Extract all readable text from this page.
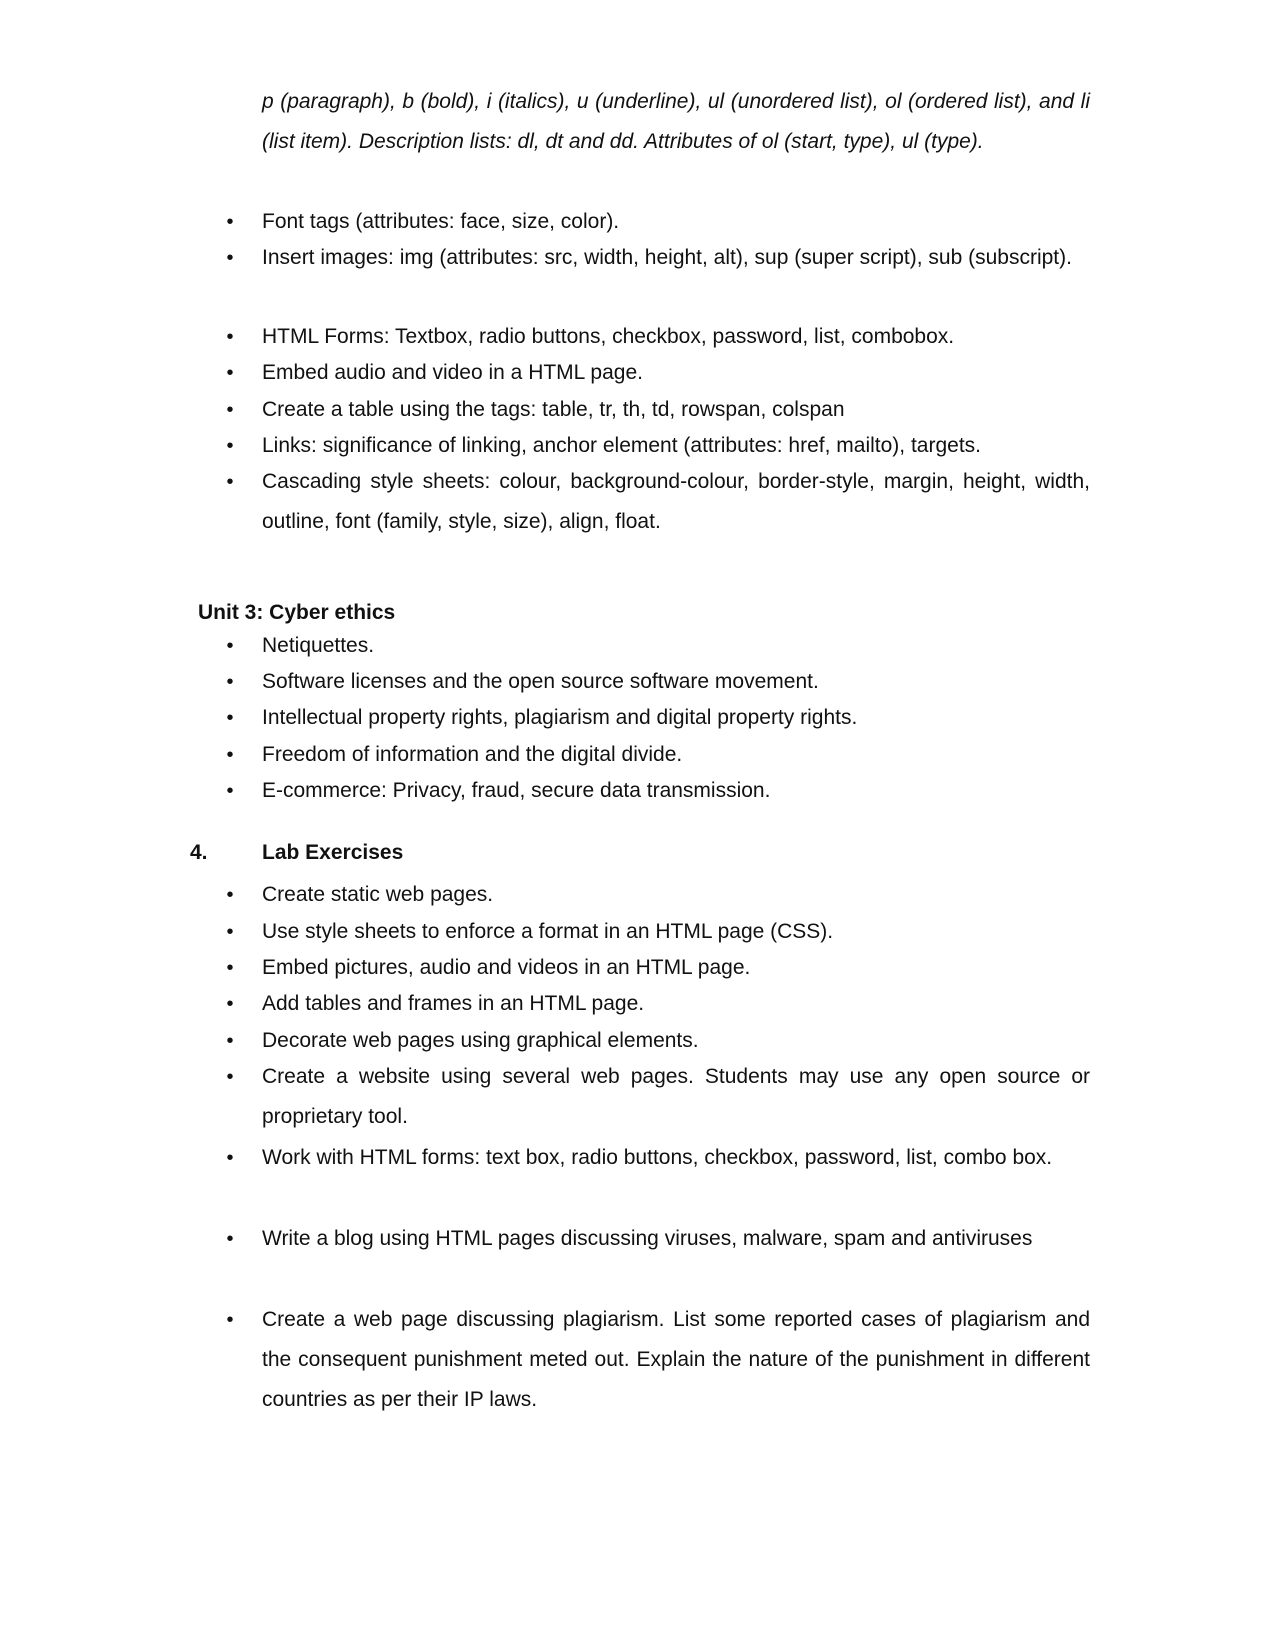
p (paragraph), b (bold), i (italics), u (underline), ul (unordered list), ol (ordered list), and li (list item). Description lists: dl, dt and dd. Attributes of ol (start, type), ul (type).

• Font tags (attributes: face, size, color).
• Insert images: img (attributes: src, width, height, alt), sup (super script), sub (subscript).
• HTML Forms: Textbox, radio buttons, checkbox, password, list, combobox.
• Embed audio and video in a HTML page.
• Create a table using the tags: table, tr, th, td, rowspan, colspan
• Links: significance of linking, anchor element (attributes: href, mailto), targets.
• Cascading style sheets: colour, background-colour, border-style, margin, height, width, outline, font (family, style, size), align, float.
Unit 3: Cyber ethics
• Netiquettes.
• Software licenses and the open source software movement.
• Intellectual property rights, plagiarism and digital property rights.
• Freedom of information and the digital divide.
• E-commerce: Privacy, fraud, secure data transmission.
4.	Lab Exercises
• Create static web pages.
• Use style sheets to enforce a format in an HTML page (CSS).
• Embed pictures, audio and videos in an HTML page.
• Add tables and frames in an HTML page.
• Decorate web pages using graphical elements.
• Create a website using several web pages. Students may use any open source or proprietary tool.
• Work with HTML forms: text box, radio buttons, checkbox, password, list, combo box.
• Write a blog using HTML pages discussing viruses, malware, spam and antiviruses
• Create a web page discussing plagiarism. List some reported cases of plagiarism and the consequent punishment meted out. Explain the nature of the punishment in different countries as per their IP laws.
